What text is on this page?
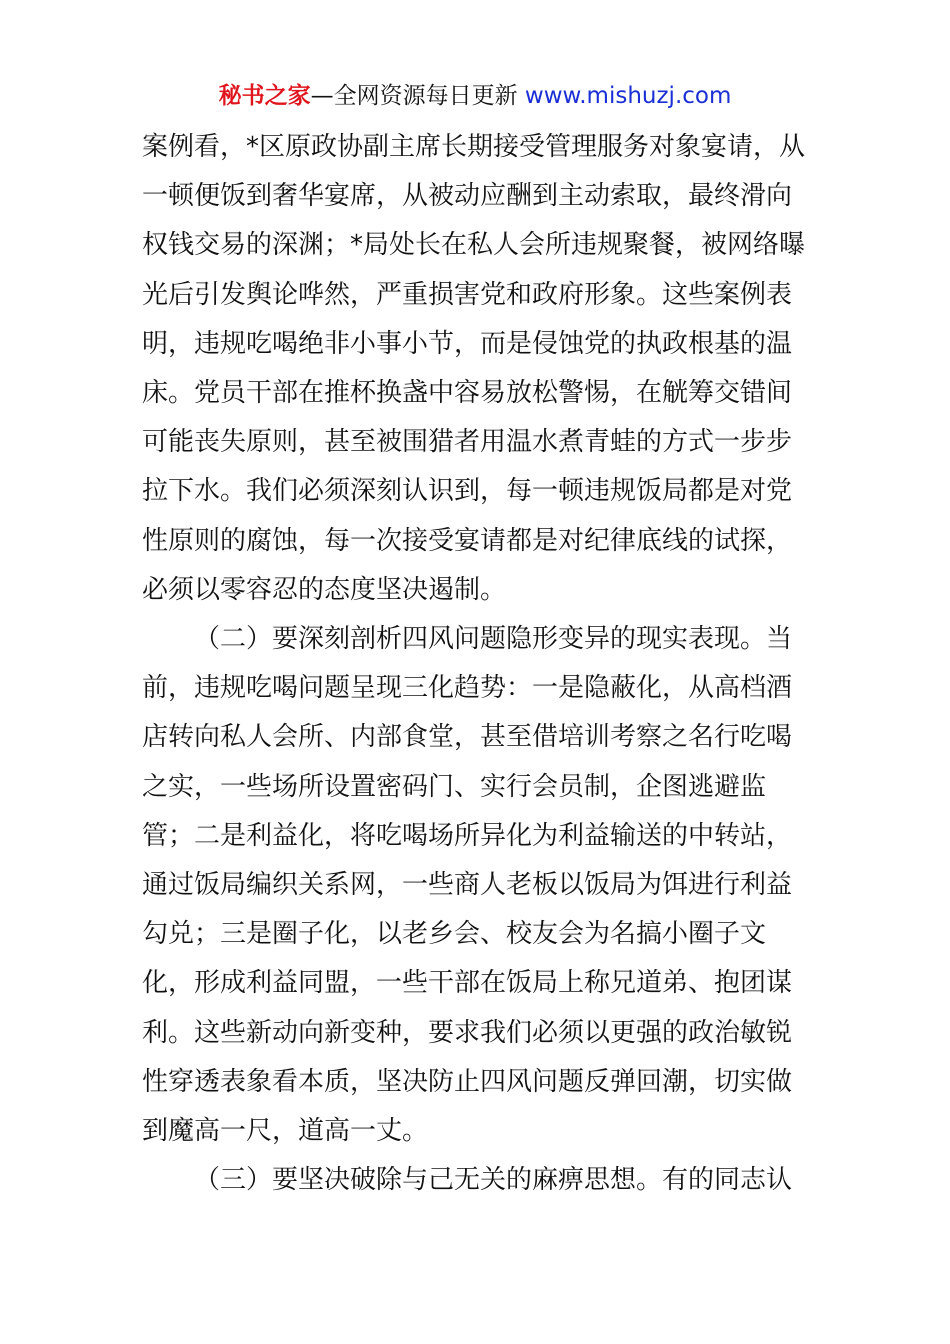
秘书之家—全网资源每日更新 www.mishuzj.com
案例看，*区原政协副主席长期接受管理服务对象宴请，从
一顿便饭到奢华宴席，从被动应酬到主动索取，最终滑向
权钱交易的深渊；*局处长在私人会所违规聚餐，被网络曝
光后引发舆论哗然，严重损害党和政府形象。这些案例表
明，违规吃喝绝非小事小节，而是侵蚀党的执政根基的温
床。党员干部在推杯换盏中容易放松警惕，在觥筹交错间
可能丧失原则，甚至被围猎者用温水煮青蛙的方式一步步
拉下水。我们必须深刻认识到，每一顿违规饭局都是对党
性原则的腐蚀，每一次接受宴请都是对纪律底线的试探，
必须以零容忍的态度坚决遏制。
（二）要深刻剖析四风问题隐形变异的现实表现。当
前，违规吃喝问题呈现三化趋势：一是隐蔽化，从高档酒
店转向私人会所、内部食堂，甚至借培训考察之名行吃喝
之实，一些场所设置密码门、实行会员制，企图逃避监
管；二是利益化，将吃喝场所异化为利益输送的中转站，
通过饭局编织关系网，一些商人老板以饭局为饵进行利益
勾兑；三是圈子化，以老乡会、校友会为名搞小圈子文
化，形成利益同盟，一些干部在饭局上称兄道弟、抱团谋
利。这些新动向新变种，要求我们必须以更强的政治敏锐
性穿透表象看本质，坚决防止四风问题反弹回潮，切实做
到魔高一尺，道高一丈。
（三）要坚决破除与己无关的麻痹思想。有的同志认
